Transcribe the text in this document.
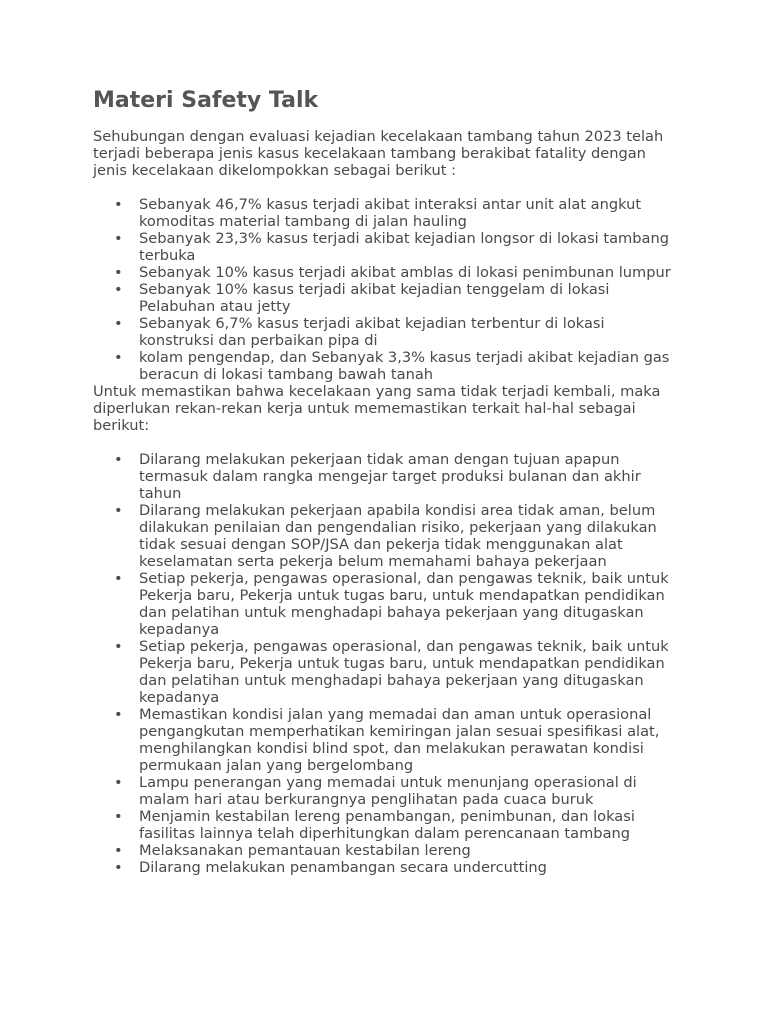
Materi Safety Talk

Sehubungan dengan evaluasi kejadian kecelakaan tambang tahun 2023 telah terjadi beberapa jenis kasus kecelakaan tambang berakibat fatality dengan jenis kecelakaan dikelompokkan sebagai berikut :

• Sebanyak 46,7% kasus terjadi akibat interaksi antar unit alat angkut komoditas material tambang di jalan hauling
• Sebanyak 23,3% kasus terjadi akibat kejadian longsor di lokasi tambang terbuka
• Sebanyak 10% kasus terjadi akibat amblas di lokasi penimbunan lumpur
• Sebanyak 10% kasus terjadi akibat kejadian tenggelam di lokasi Pelabuhan atau jetty
• Sebanyak 6,7% kasus terjadi akibat kejadian terbentur di lokasi konstruksi dan perbaikan pipa di
• kolam pengendap, dan Sebanyak 3,3% kasus terjadi akibat kejadian gas beracun di lokasi tambang bawah tanah

Untuk memastikan bahwa kecelakaan yang sama tidak terjadi kembali, maka diperlukan rekan-rekan kerja untuk mememastikan terkait hal-hal sebagai berikut:

• Dilarang melakukan pekerjaan tidak aman dengan tujuan apapun termasuk dalam rangka mengejar target produksi bulanan dan akhir tahun
• Dilarang melakukan pekerjaan apabila kondisi area tidak aman, belum dilakukan penilaian dan pengendalian risiko, pekerjaan yang dilakukan tidak sesuai dengan SOP/JSA dan pekerja tidak menggunakan alat keselamatan serta pekerja belum memahami bahaya pekerjaan
• Setiap pekerja, pengawas operasional, dan pengawas teknik, baik untuk Pekerja baru, Pekerja untuk tugas baru, untuk mendapatkan pendidikan dan pelatihan untuk menghadapi bahaya pekerjaan yang ditugaskan kepadanya
• Setiap pekerja, pengawas operasional, dan pengawas teknik, baik untuk Pekerja baru, Pekerja untuk tugas baru, untuk mendapatkan pendidikan dan pelatihan untuk menghadapi bahaya pekerjaan yang ditugaskan kepadanya
• Memastikan kondisi jalan yang memadai dan aman untuk operasional pengangkutan memperhatikan kemiringan jalan sesuai spesifikasi alat, menghilangkan kondisi blind spot, dan melakukan perawatan kondisi permukaan jalan yang bergelombang
• Lampu penerangan yang memadai untuk menunjang operasional di malam hari atau berkurangnya penglihatan pada cuaca buruk
• Menjamin kestabilan lereng penambangan, penimbunan, dan lokasi fasilitas lainnya telah diperhitungkan dalam perencanaan tambang
• Melaksanakan pemantauan kestabilan lereng
• Dilarang melakukan penambangan secara undercutting
